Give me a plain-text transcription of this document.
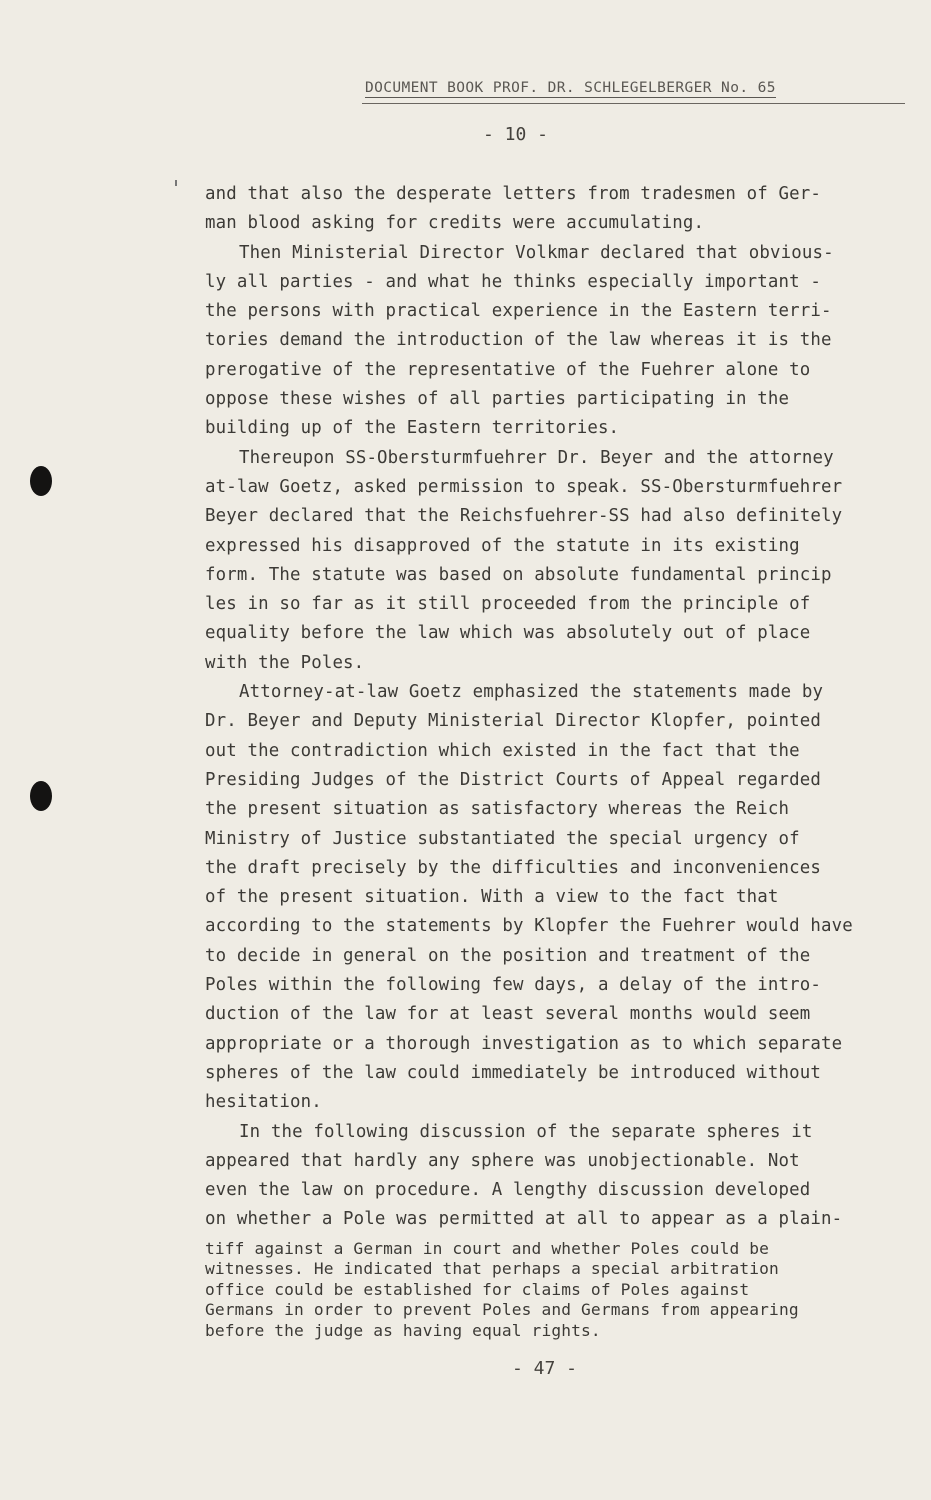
DOCUMENT BOOK PROF. DR. SCHLEGELBERGER No. 65
- 10 -
and that also the desperate letters from tradesmen of Ger-
man blood asking for credits were accumulating.
Then Ministerial Director Volkmar declared that obvious-
ly all parties - and what he thinks especially important -
the persons with practical experience in the Eastern terri-
tories demand the introduction of the law whereas it is the
prerogative of the representative of the Fuehrer alone to
oppose these wishes of all parties participating in the
building up of the Eastern territories.
Thereupon SS-Obersturmfuehrer Dr. Beyer and the attorney
at-law Goetz, asked permission to speak. SS-Obersturmfuehrer
Beyer declared that the Reichsfuehrer-SS had also definitely
expressed his disapproved of the statute in its existing
form. The statute was based on absolute fundamental princip
les in so far as it still proceeded from the principle of
equality before the law which was absolutely out of place
with the Poles.
Attorney-at-law Goetz emphasized the statements made by
Dr. Beyer and Deputy Ministerial Director Klopfer, pointed
out the contradiction which existed in the fact that the
Presiding Judges of the District Courts of Appeal regarded
the present situation as satisfactory whereas the Reich
Ministry of Justice substantiated the special urgency of
the draft precisely by the difficulties and inconveniences
of the present situation. With a view to the fact that
according to the statements by Klopfer the Fuehrer would have
to decide in general on the position and treatment of the
Poles within the following few days, a delay of the intro-
duction of the law for at least several months would seem
appropriate or a thorough investigation as to which separate
spheres of the law could immediately be introduced without
hesitation.
In the following discussion of the separate spheres it
appeared that hardly any sphere was unobjectionable. Not
even the law on procedure. A lengthy discussion developed
on whether a Pole was permitted at all to appear as a plain-
tiff against a German in court and whether Poles could be
witnesses. He indicated that perhaps a special arbitration
office could be established for claims of Poles against
Germans in order to prevent Poles and Germans from appearing
before the judge as having equal rights.
- 47 -
